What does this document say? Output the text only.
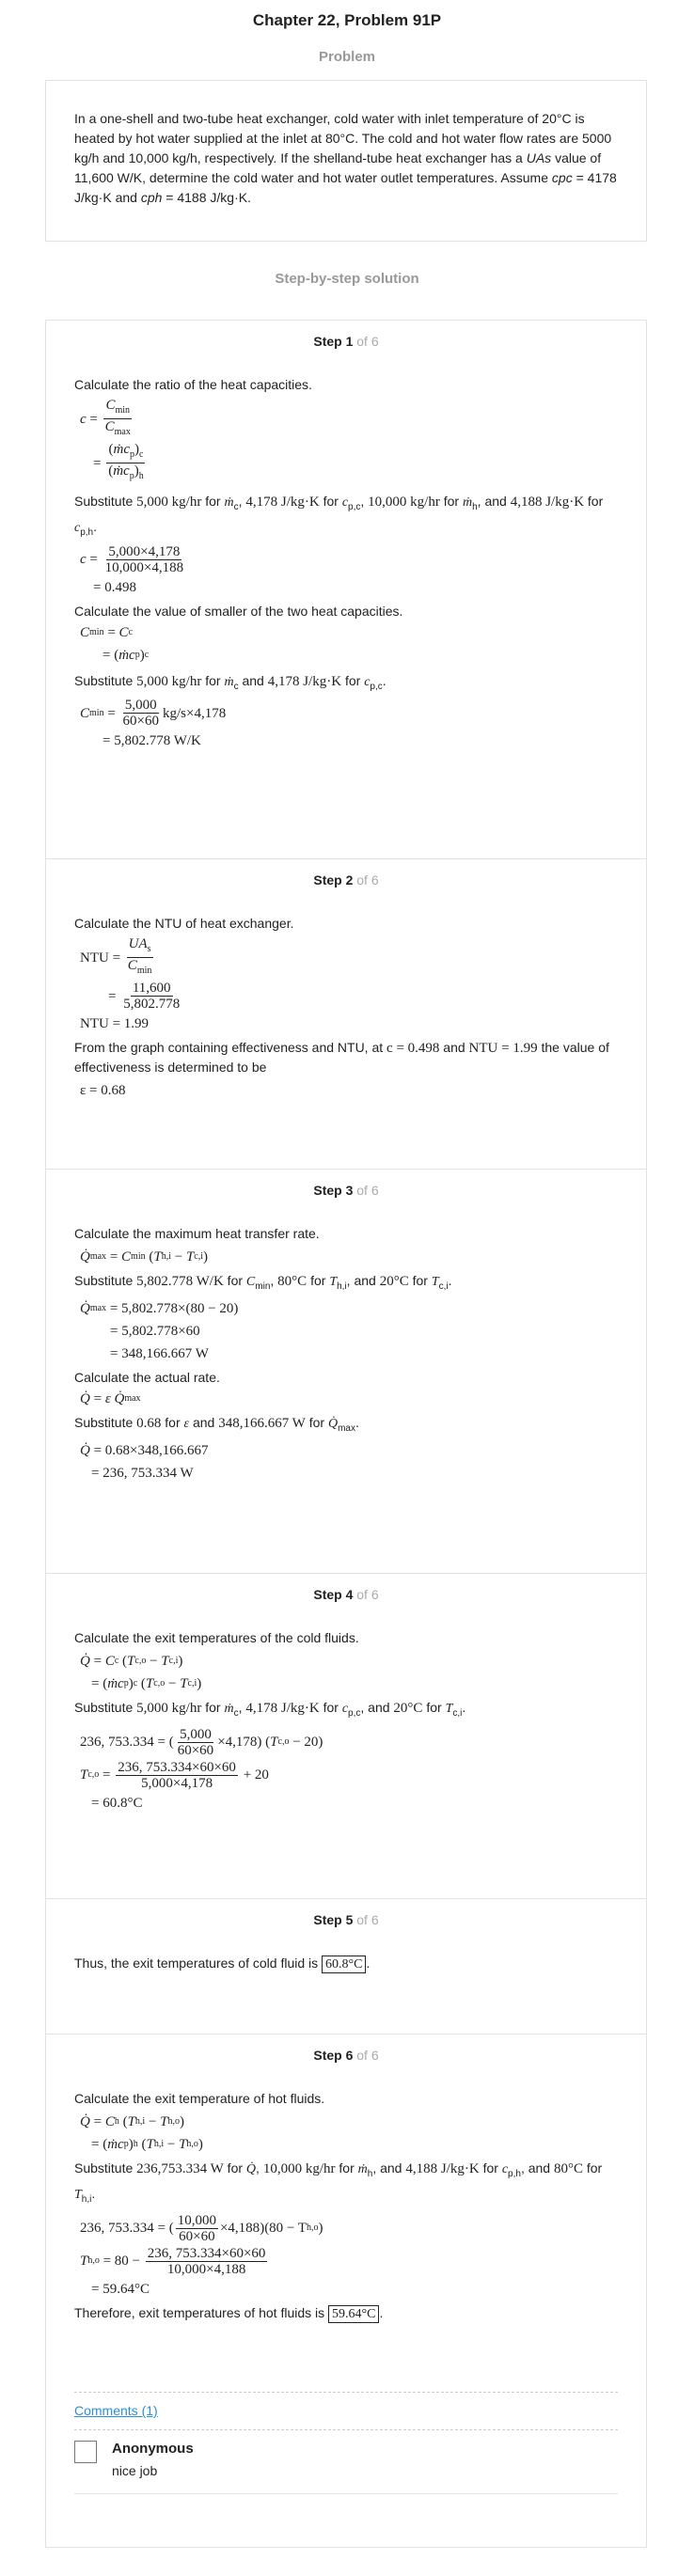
Chapter 22, Problem 91P
Problem

In a one-shell and two-tube heat exchanger, cold water with inlet temperature of 20°C is heated by hot water supplied at the inlet at 80°C. The cold and hot water flow rates are 5000 kg/h and 10,000 kg/h, respectively. If the shelland-tube heat exchanger has a UAs value of 11,600 W/K, determine the cold water and hot water outlet temperatures. Assume cpc = 4178 J/kg·K and cph = 4188 J/kg·K.

Step-by-step solution
Step 1 of 6

Calculate the ratio of the heat capacities.

$c = \frac{C_{min}}{C_{max}}$
= $\frac{(ṁc_p)_c}{(ṁc_p)_h}$

Substitute 5,000 kg/hr for ṁ$_c$, 4,178 J/kg·K for $c_{p,c}$, 10,000 kg/hr for ṁ$_h$, and 4,188 J/kg·K for $c_{p,h}$.

$c = \frac{5,000\times 4,178}{10,000\times 4,188}$
= 0.498

Calculate the value of smaller of the two heat capacities.

C min = C c
= ( ṁc p ) c

Substitute 5,000 kg/hr for ṁ$_c$ and 4,178 J/kg·K for $c_{p,c}$.

C $\min = \frac{5,000}{60\times 60} kg/s\times 4,178$
= 5,802.778 W/K
Step 2 of 6

Calculate the NTU of heat exchanger.

NTU = $\frac{UA_s}{C_{min}}$
= $\frac{11,600}{5,802.778}$
NTU = 1.99

From the graph containing effectiveness and NTU, at c = 0.498 and NTU = 1.99 the value of effectiveness is determined to be

ε = 0.68
Step 3 of 6

Calculate the maximum heat transfer rate.

Q̇ max = C min ( T h,i − T c,i )

Substitute 5,802.778 W/K for $C_{min}$, 80°C for $T_{h,i}$, and 20°C for $T_{c,i}$.

Q̇ max
= 5,802.778×(80 − 20)
= 5,802.778×60
= 348,166.667 W

Calculate the actual rate.

Q̇ = ε
Q̇ max

Substitute 0.68 for ε and 348,166.667 W for $Q̇_{max}$.

Q̇
= 0.68×348,166.667
= 236, 753.334 W
Step 4 of 6

Calculate the exit temperatures of the cold fluids.

Q̇ = C c ( T c,o − T c,i )
= ( ṁc p ) c ( T c,o − T c,i )

Substitute 5,000 kg/hr for ṁ$_c$, 4,178 J/kg·K for $c_{p,c}$, and 20°C for $T_{c,i}$.

236, 753.334 = ( $\frac{5,000}{60\times 60} \times 4,178$ ) ( T c,o
− 20)
T $c,o = \frac{236, 753.334\times 60\times 60}{5,000\times 4,178}$
+ 20
= 60.8°C
Step 5 of 6

Thus, the exit temperatures of cold fluid is 60.8°C .

Step 6 of 6

Calculate the exit temperature of hot fluids.

Q̇ = C h ( T h,i − T h,o )
= ( ṁc p ) h ( T h,i − T h,o )

Substitute 236,753.334 W for Q̇, 10,000 kg/hr for ṁ$_h$, and 4,188 J/kg·K for $c_{p,h}$, and 80°C for $T_{h,i}$.

236, 753.334 = ( $\frac{10,000}{60\times 60} \times 4,188$ ) (80 − T h,o )
T h,o
= 80 −
$\frac{236, 753.334\times 60\times 60}{10,000\times 4,188}$
= 59.64°C

Therefore, exit temperatures of hot fluids is 59.64°C .

Comments (1)
Anonymous
nice job
